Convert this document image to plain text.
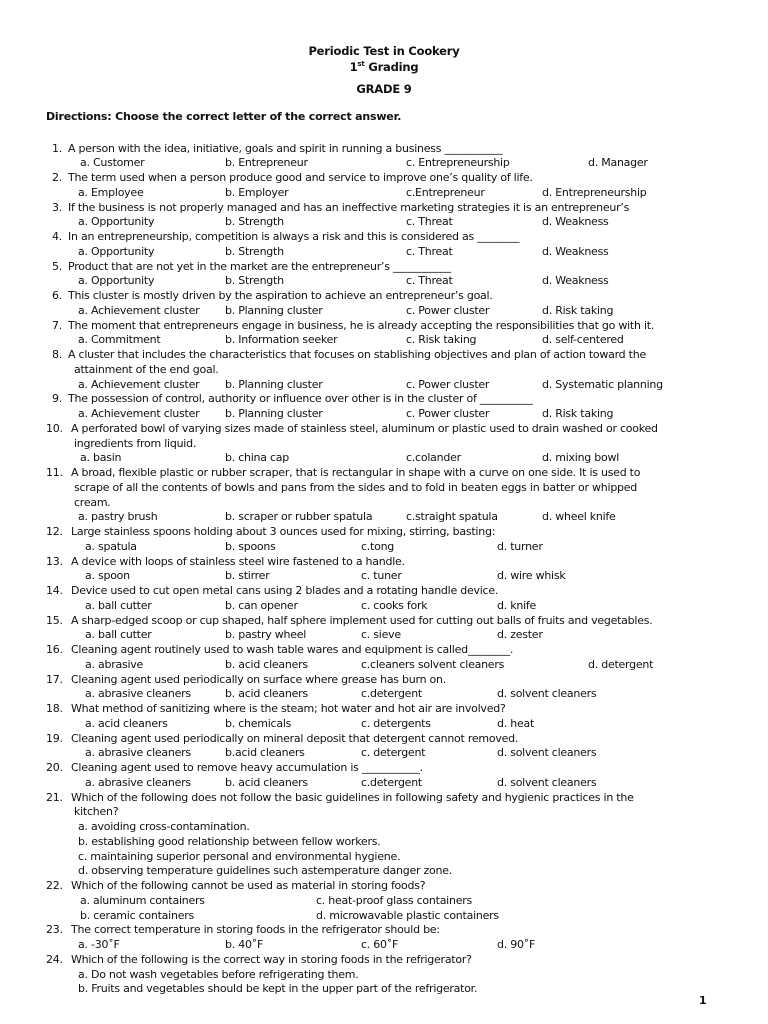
Periodic Test in Cookery
1st Grading
GRADE 9
Directions: Choose the correct letter of the correct answer.
1. A person with the idea, initiative, goals and spirit in running a business ___________
a. Customer	b. Entrepreneur	c. Entrepreneurship	d. Manager
2. The term used when a person produce good and service to improve one’s quality of life.
a. Employee	b. Employer	c.Entrepreneur	d. Entrepreneurship
3. If the business is not properly managed and has an ineffective marketing strategies it is an entrepreneur’s
a. Opportunity	b. Strength	c. Threat	d. Weakness
4. In an entrepreneurship, competition is always a risk and this is considered as ________
a. Opportunity	b. Strength	c. Threat	d. Weakness
5. Product that are not yet in the market are the entrepreneur’s ___________
a. Opportunity	b. Strength	c. Threat	d. Weakness
6. This cluster is mostly driven by the aspiration to achieve an entrepreneur’s goal.
a. Achievement cluster b. Planning cluster	c. Power cluster	d. Risk taking
7. The moment that entrepreneurs engage in business, he is already accepting the responsibilities that go with it.
a. Commitment	b. Information seeker	c. Risk taking	d. self-centered
8. A cluster that includes the characteristics that focuses on stablishing objectives and plan of action toward the
attainment of the end goal.
a. Achievement cluster b. Planning cluster	c. Power cluster	d. Systematic planning
9. The possession of control, authority or influence over other is in the cluster of __________
a. Achievement cluster b. Planning cluster	c. Power cluster	d. Risk taking
10. A perforated bowl of varying sizes made of stainless steel, aluminum or plastic used to drain washed or cooked
ingredients from liquid.
a. basin	b. china cap	c.colander	d. mixing bowl
11. A broad, flexible plastic or rubber scraper, that is rectangular in shape with a curve on one side. It is used to
scrape of all the contents of bowls and pans from the sides and to fold in beaten eggs in batter or whipped
cream.
a. pastry brush	b. scraper or rubber spatula	c.straight spatula	d. wheel knife
12. Large stainless spoons holding about 3 ounces used for mixing, stirring, basting:
a. spatula	b. spoons	c.tong	d. turner
13. A device with loops of stainless steel wire fastened to a handle.
a. spoon	b. stirrer	c. tuner	d. wire whisk
14. Device used to cut open metal cans using 2 blades and a rotating handle device.
a. ball cutter	b. can opener	c. cooks fork	d. knife
15. A sharp-edged scoop or cup shaped, half sphere implement used for cutting out balls of fruits and vegetables.
a. ball cutter	b. pastry wheel	c. sieve	d. zester
16. Cleaning agent routinely used to wash table wares and equipment is called________.
a. abrasive	b. acid cleaners	c.cleaners solvent cleaners	d. detergent
17. Cleaning agent used periodically on surface where grease has burn on.
a. abrasive cleaners	b. acid cleaners	c.detergent	d. solvent cleaners
18. What method of sanitizing where is the steam; hot water and hot air are involved?
a. acid cleaners	b. chemicals	c. detergents	d. heat
19. Cleaning agent used periodically on mineral deposit that detergent cannot removed.
a. abrasive cleaners	b.acid cleaners	c. detergent	d. solvent cleaners
20. Cleaning agent used to remove heavy accumulation is ___________.
a. abrasive cleaners	b. acid cleaners	c.detergent	d. solvent cleaners
21. Which of the following does not follow the basic guidelines in following safety and hygienic practices in the
kitchen?
a. avoiding cross-contamination.
b. establishing good relationship between fellow workers.
c. maintaining superior personal and environmental hygiene.
d. observing temperature guidelines such astemperature danger zone.
22. Which of the following cannot be used as material in storing foods?
a. aluminum containers	c. heat-proof glass containers
b. ceramic containers	d. microwavable plastic containers
23. The correct temperature in storing foods in the refrigerator should be:
a. -30˚F	b. 40˚F	c. 60˚F	d. 90˚F
24. Which of the following is the correct way in storing foods in the refrigerator?
a. Do not wash vegetables before refrigerating them.
b. Fruits and vegetables should be kept in the upper part of the refrigerator.
1
